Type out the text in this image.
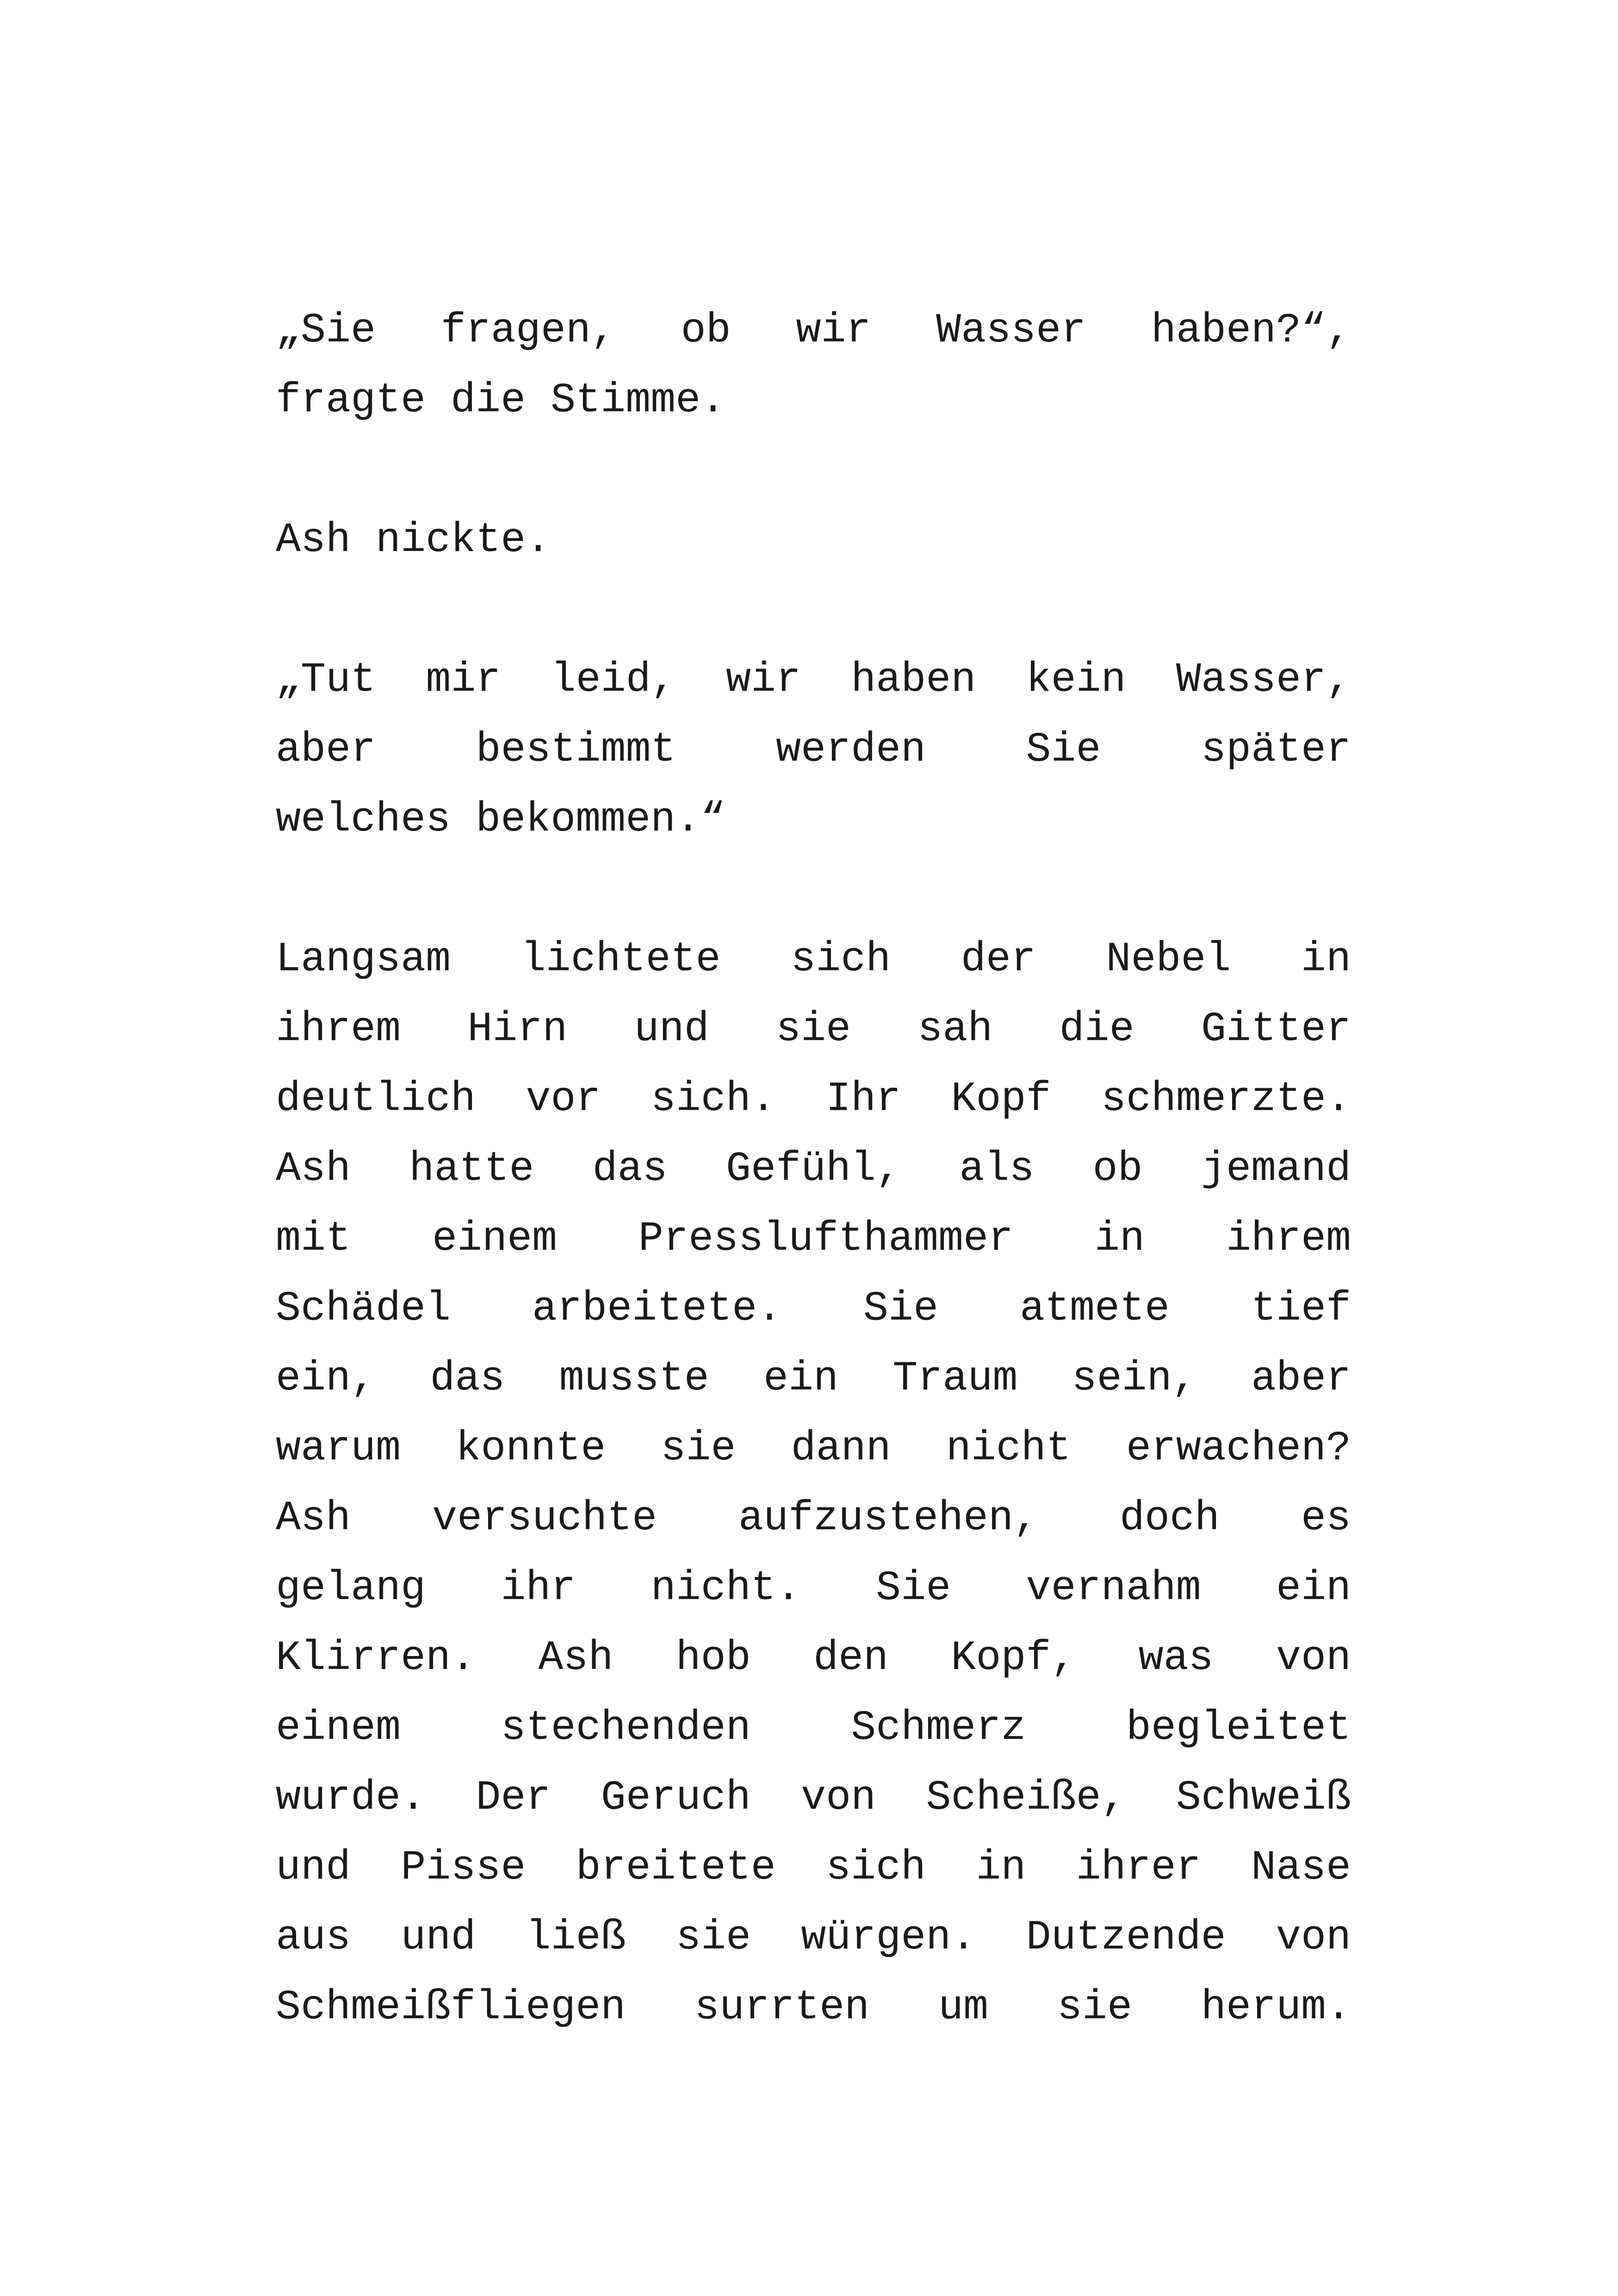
„Sie fragen, ob wir Wasser haben?“,
fragte die Stimme.
Ash nickte.
„Tut mir leid, wir haben kein Wasser,
aber bestimmt werden Sie später
welches bekommen.“
Langsam lichtete sich der Nebel in
ihrem Hirn und sie sah die Gitter
deutlich vor sich. Ihr Kopf schmerzte.
Ash hatte das Gefühl, als ob jemand
mit einem Presslufthammer in ihrem
Schädel arbeitete. Sie atmete tief
ein, das musste ein Traum sein, aber
warum konnte sie dann nicht erwachen?
Ash versuchte aufzustehen, doch es
gelang ihr nicht. Sie vernahm ein
Klirren. Ash hob den Kopf, was von
einem stechenden Schmerz begleitet
wurde. Der Geruch von Scheiße, Schweiß
und Pisse breitete sich in ihrer Nase
aus und ließ sie würgen. Dutzende von
Schmeißfliegen surrten um sie herum.
